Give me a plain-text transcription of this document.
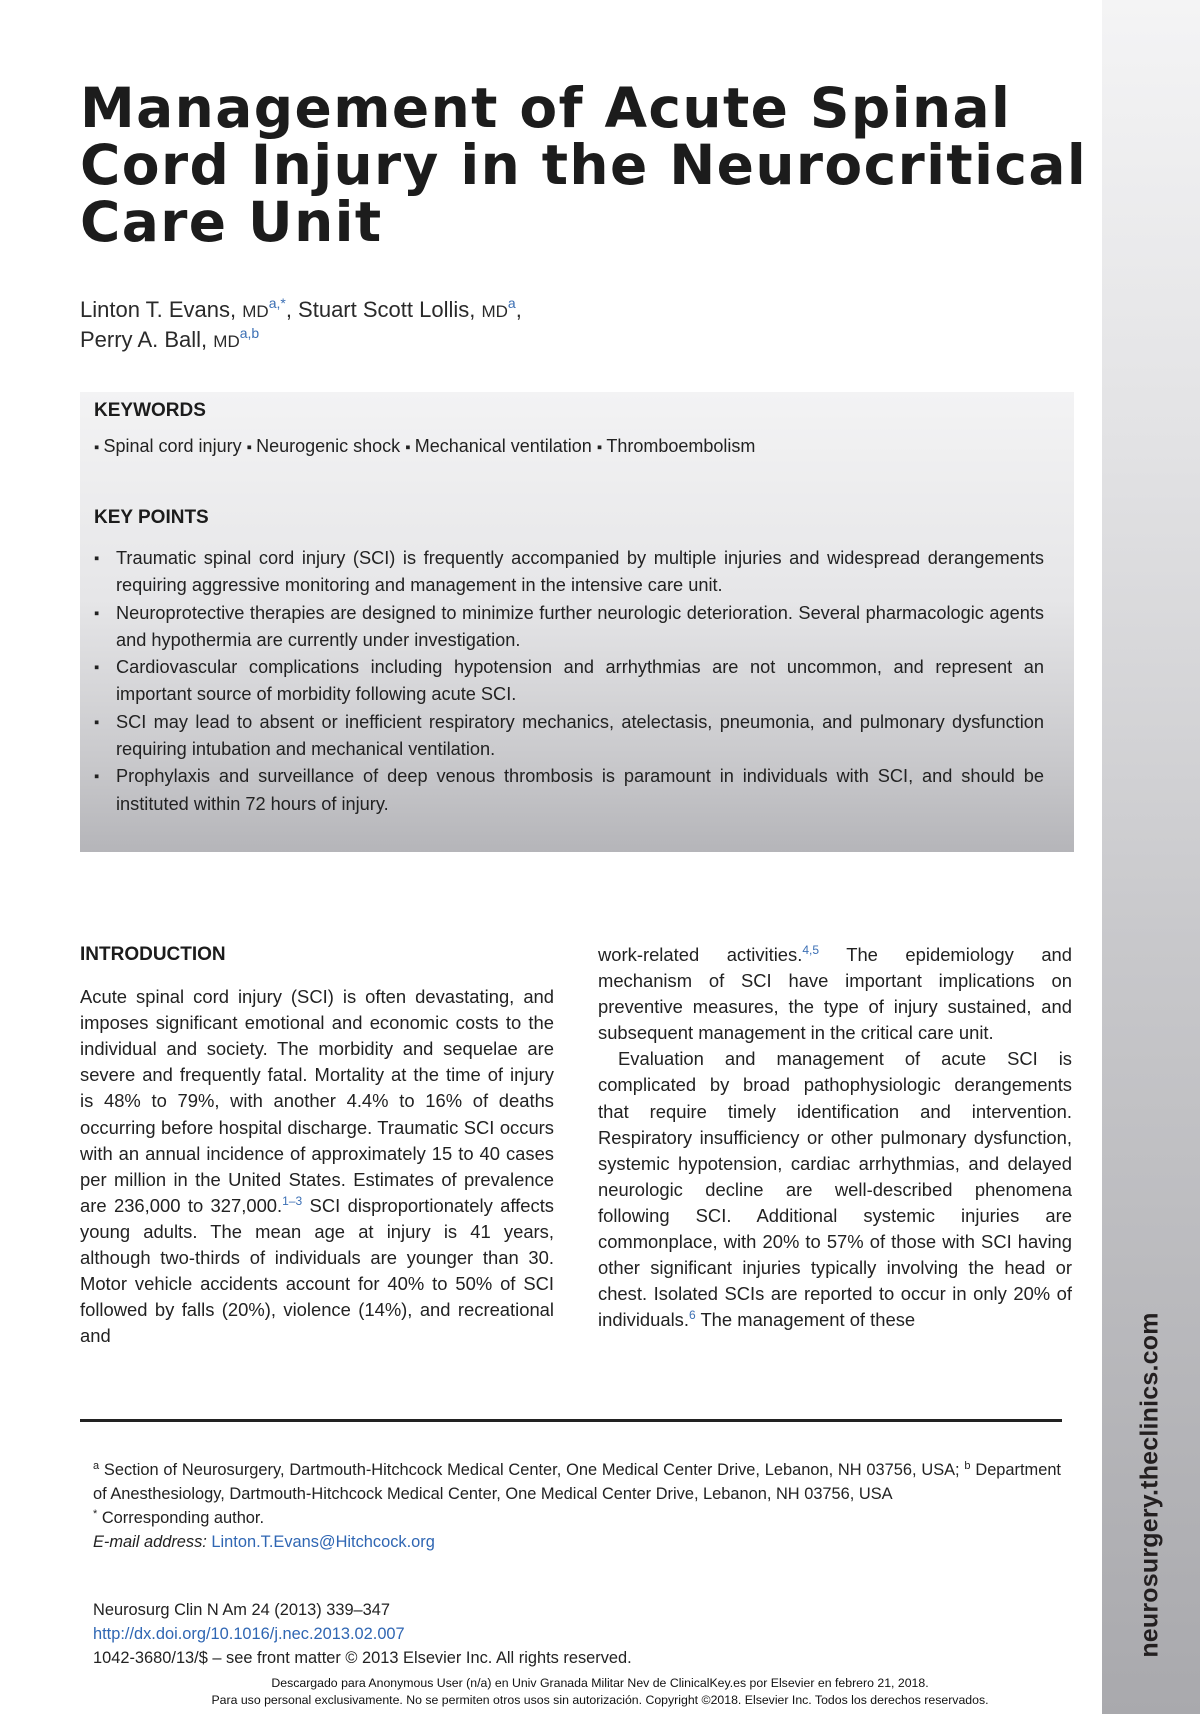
neurosurgery.theclinics.com
Management of Acute Spinal Cord Injury in the Neurocritical Care Unit
Linton T. Evans, $MD^{a,*}$, Stuart Scott Lollis, $MD^a$,
Perry A. Ball, MD$^{a,b}$
KEYWORDS
▪ Spinal cord injury ▪ Neurogenic shock ▪ Mechanical ventilation ▪ Thromboembolism
KEY POINTS
▪ Traumatic spinal cord injury (SCI) is frequently accompanied by multiple injuries and widespread derangements requiring aggressive monitoring and management in the intensive care unit.
▪ Neuroprotective therapies are designed to minimize further neurologic deterioration. Several pharmacologic agents and hypothermia are currently under investigation.
▪ Cardiovascular complications including hypotension and arrhythmias are not uncommon, and represent an important source of morbidity following acute SCI.
▪ SCI may lead to absent or inefficient respiratory mechanics, atelectasis, pneumonia, and pulmonary dysfunction requiring intubation and mechanical ventilation.
▪ Prophylaxis and surveillance of deep venous thrombosis is paramount in individuals with SCI, and should be instituted within 72 hours of injury.
INTRODUCTION

Acute spinal cord injury (SCI) is often devastating, and imposes significant emotional and economic costs to the individual and society. The morbidity and sequelae are severe and frequently fatal. Mortality at the time of injury is 48% to 79%, with another 4.4% to 16% of deaths occurring before hospital discharge. Traumatic SCI occurs with an annual incidence of approximately 15 to 40 cases per million in the United States. Estimates of prevalence are 236,000 to 327,000.$^{1-3}$ SCI disproportionately affects young adults. The mean age at injury is 41 years, although two-thirds of individuals are younger than 30. Motor vehicle accidents account for 40% to 50% of SCI followed by falls (20%), violence (14%), and recreational and

work-related activities.$^{4,5}$ The epidemiology and mechanism of SCI have important implications on preventive measures, the type of injury sustained, and subsequent management in the critical care unit.

Evaluation and management of acute SCI is complicated by broad pathophysiologic derangements that require timely identification and intervention. Respiratory insufficiency or other pulmonary dysfunction, systemic hypotension, cardiac arrhythmias, and delayed neurologic decline are well-described phenomena following SCI. Additional systemic injuries are commonplace, with 20% to 57% of those with SCI having other significant injuries typically involving the head or chest. Isolated SCIs are reported to occur in only 20% of individuals.$^6$ The management of these

$^a$ Section of Neurosurgery, Dartmouth-Hitchcock Medical Center, One Medical Center Drive, Lebanon, NH 03756, USA; $^b$ Department of Anesthesiology, Dartmouth-Hitchcock Medical Center, One Medical Center Drive, Lebanon, NH 03756, USA

* Corresponding author.

E-mail address: Linton.T.Evans@Hitchcock.org

Neurosurg Clin N Am 24 (2013) 339–347
http://dx.doi.org/10.1016/j.nec.2013.02.007
1042-3680/13/$ – see front matter © 2013 Elsevier Inc. All rights reserved.
Descargado para Anonymous User (n/a) en Univ Granada Militar Nev de ClinicalKey.es por Elsevier en febrero 21, 2018.
Para uso personal exclusivamente. No se permiten otros usos sin autorización. Copyright ©2018. Elsevier Inc. Todos los derechos reservados.
